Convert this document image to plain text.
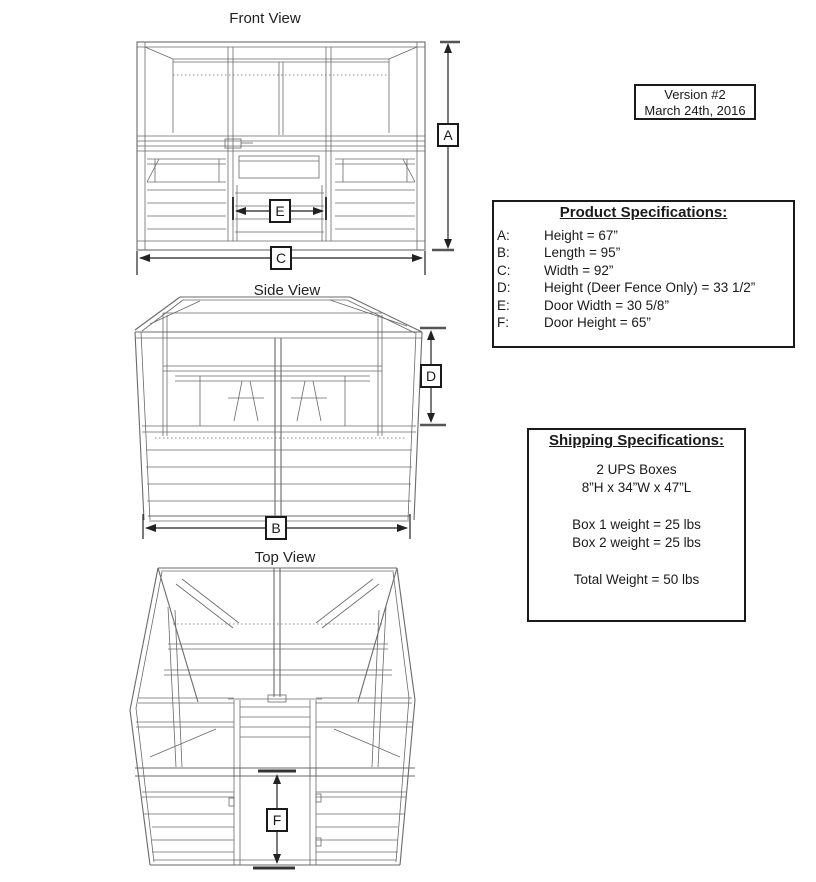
Front View
A
C
E
Side View
D
B
Top View
F
Version #2
March 24th, 2016
Product Specifications:
A:	Height = 67”
B:	Length = 95”
C:	Width = 92”
D:	Height (Deer Fence Only) = 33 1/2”
E:	Door Width = 30 5/8”
F:	Door Height = 65”
Shipping Specifications:
2 UPS Boxes
8”H x 34”W x 47”L
Box 1 weight = 25 lbs
Box 2 weight = 25 lbs
Total Weight = 50 lbs
